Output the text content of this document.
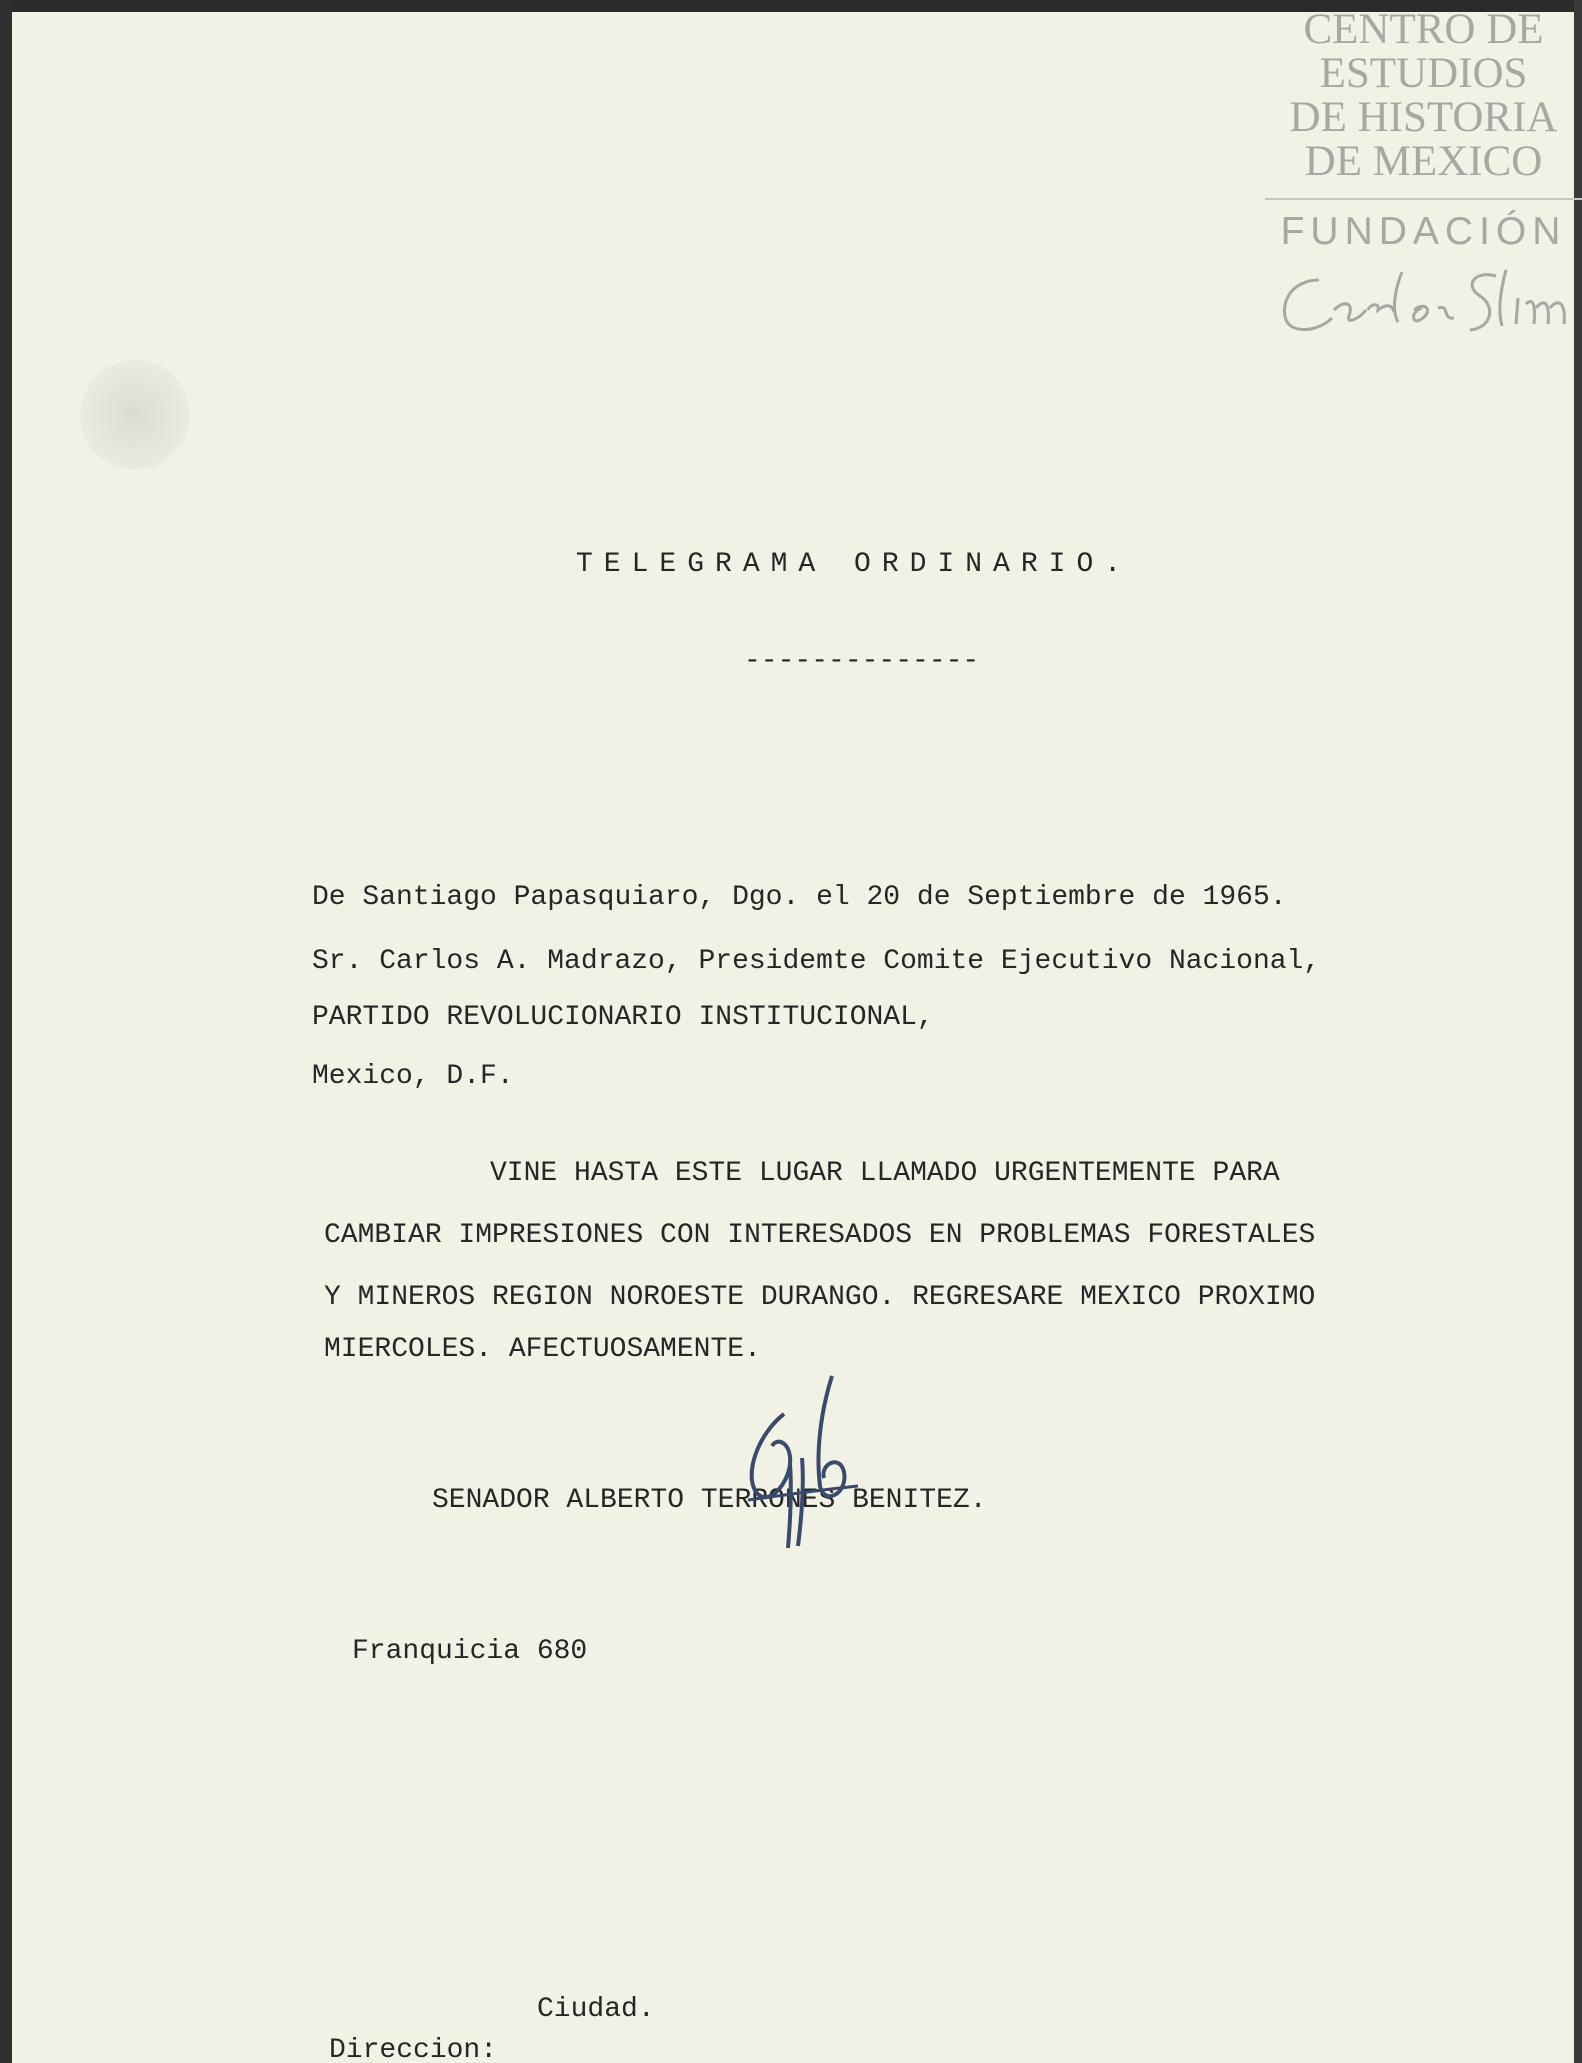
CENTRO DE
ESTUDIOS
DE HISTORIA
DE MEXICO
FUNDACIÓN
TELEGRAMA ORDINARIO.
--------------
De Santiago Papasquiaro, Dgo. el 20 de Septiembre de 1965.
Sr. Carlos A. Madrazo, Presidemte Comite Ejecutivo Nacional,
PARTIDO REVOLUCIONARIO INSTITUCIONAL,
Mexico, D.F.
VINE HASTA ESTE LUGAR LLAMADO URGENTEMENTE PARA
CAMBIAR IMPRESIONES CON INTERESADOS EN PROBLEMAS FORESTALES
Y MINEROS REGION NOROESTE DURANGO. REGRESARE MEXICO PROXIMO
MIERCOLES. AFECTUOSAMENTE.
SENADOR ALBERTO TERRONES BENITEZ.
Franquicia 680
Ciudad.
Direccion:
